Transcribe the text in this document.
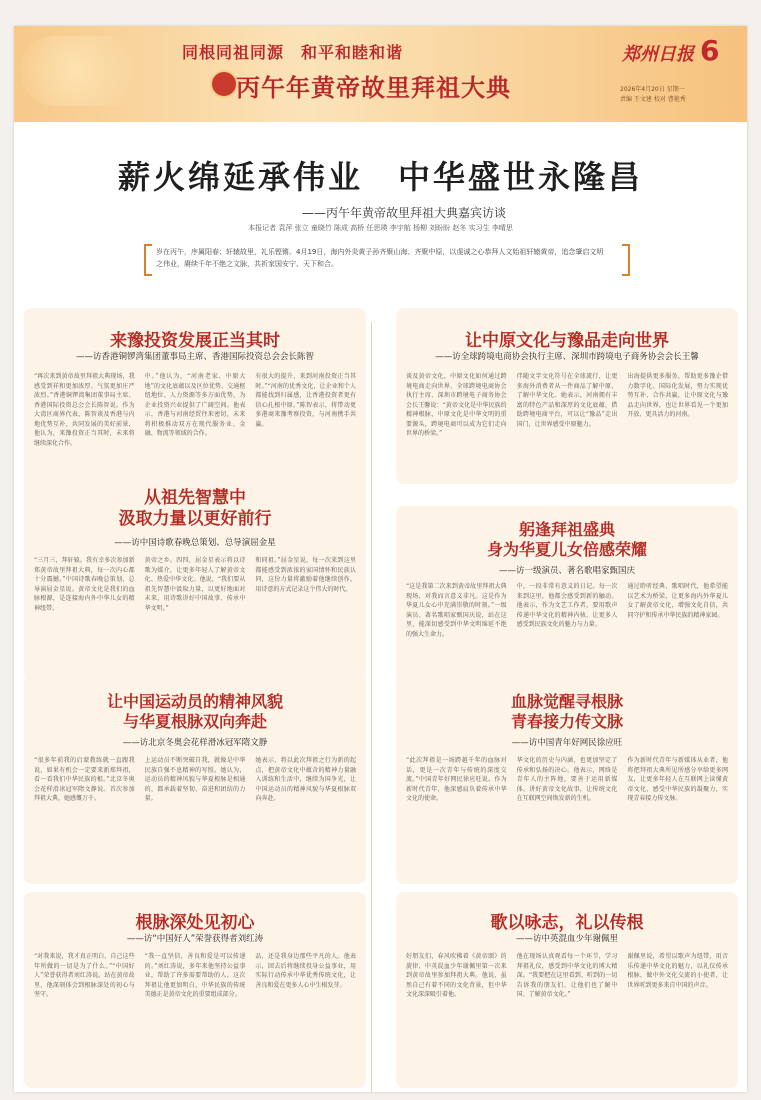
同根同祖同源　和平和睦和谐
丙午年黄帝故里拜祖大典
郑州日报 6
2026年4月20日 星期一
责编 王文建 校对 曹艳秀
薪火绵延承伟业　中华盛世永隆昌
——丙午年黄帝故里拜祖大典嘉宾访谈
本报记者 袁萍 张立 童晓竹 陈成 高桥 任思瑛 李宇航 杨柳 刘盼盼 赵冬 实习生 李晴思
岁在丙午，序属阳春；轩辕故里，礼乐铿锵。4月19日，海内外炎黄子孙齐聚山海、齐聚中原，以虔诚之心恭拜人文始祖轩辕黄帝，追念肇启文明之伟业，赓续千年不绝之文脉，共祈家国安宁、天下和合。
来豫投资发展正当其时
——访香港铜锣湾集团董事局主席、香港国际投资总会会长陈智

“再次来到黄帝故里拜祖大典现场，我感受到祥和更加浓厚、气氛更加庄严浓烈。”香港铜锣湾集团董事局主席、香港国际投资总会会长陈智说。作为大湾区商界代表，陈智谈及香港与内地优势互补、共同发展的美好前景，他认为，来豫投资正当其时，未来将继续深化合作。

中。”他认为，“河南老家、中原大地”的文化底蕴以及区位优势、交通枢纽地位、人力资源等多方面优势，为企业投资兴业提供了广阔空间。他表示，香港与河南经贸往来密切，未来将积极推动双方在现代服务业、金融、物流等领域的合作。

有很大的提升，来到河南投资正当其时。”“河南的优秀文化，让企业和个人都能找到归属感，让香港投资者更有信心扎根中原。”陈智表示，将带动更多港商来豫考察投资，与河南携手共赢。

让中原文化与豫品走向世界
——访全球跨境电商协会执行主席、深圳市跨境电子商务协会会长王馨

谈及黄帝文化，中原文化如何通过跨境电商走向世界，全球跨境电商协会执行主席、深圳市跨境电子商务协会会长王馨说：“黄帝文化是中华民族的精神根脉，中原文化是中华文明的重要源头，跨境电商可以成为它们走向世界的桥梁。”

伴随文字文化符号在全球流行，让更多海外消费者从一件商品了解中原、了解中华文化。她表示，河南拥有丰富的特色产品和深厚的文化底蕴，借助跨境电商平台，可以让“豫品”走出国门，让世界感受中原魅力。

出海提供更多服务，帮助更多豫企借力数字化、国际化发展，努力实现优势互补、合作共赢，让中原文化与豫品走向世界，也让世界看见一个更加开放、更具活力的河南。

从祖先智慧中
汲取力量以更好前行
——访中国诗歌春晚总策划、总导演屈金星

“三月三，拜轩辕。我有幸多次参加新郑黄帝故里拜祖大典，每一次内心都十分震撼。”中国诗歌春晚总策划、总导演屈金星说。黄帝文化是我们的血脉根源，是连接海内外中华儿女的精神纽带。

黄帝之乡。四四，屈金星表示将以诗歌为媒介，让更多年轻人了解黄帝文化、热爱中华文化。他说，“我们要从祖先智慧中汲取力量，以更好地面对未来，用诗歌讲好中国故事、传承中华文明。”

和同祖。”屈金星说，每一次来到这里都能感受到浓浓的家国情怀和民族认同，这份力量将激励着他继续创作，用诗意的方式记录这个伟大的时代。

躬逢拜祖盛典
身为华夏儿女倍感荣耀
——访一级演员、著名歌唱家甄国庆

“这是我第二次来到黄帝故里拜祖大典现场，对我而言意义非凡。这是作为华夏儿女心中充满崇敬的时刻。”一级演员、著名歌唱家甄国庆说，站在这里，能深切感受到中华文明绵延不绝的强大生命力。

中，一段非常有意义的日记。每一次来到这里，他都会感受到新的触动。他表示，作为文艺工作者，要用歌声传递中华文化的精神内核，让更多人感受到民族文化的魅力与力量。

通过聆听经典、歌唱时代，他希望能以艺术为桥梁，让更多海内外华夏儿女了解黄帝文化，增强文化自信，共同守护和传承中华民族的精神家园。

让中国运动员的精神风貌
与华夏根脉双向奔赴
——访北京冬奥会花样滑冰冠军隋文静

“很多年前我的启蒙教练就一直跟我说，如果有机会一定要来新郑拜祖，看一看我们中华民族的根。”北京冬奥会花样滑冰冠军隋文静说。首次参加拜祖大典，她感慨万千。

上运动员不断突破自我，就像是中华民族自强不息精神的写照。她认为，运动员的精神风貌与华夏根脉是相通的，都承载着坚韧、奋进和团结的力量。

她表示，将以此次拜祖之行为新的起点，把黄帝文化中蕴含的精神力量融入训练和生活中，继续为国争光，让中国运动员的精神风貌与华夏根脉双向奔赴。

血脉觉醒寻根脉
青春接力传文脉
——访中国青年好网民徐应旺

“此次拜祖是一场跨越千年的血脉对话，更是一次青年与传统的深度交流。”中国青年好网民徐应旺说。作为新时代青年，他深感肩负着传承中华文化的使命。

华文化的历史与内涵，也更加坚定了传承和弘扬的决心。他表示，网络是青年人的主阵地，要善于运用新媒体，讲好黄帝文化故事，让传统文化在互联网空间焕发新的生机。

作为新时代青年与新媒体从业者，他将把拜祖大典所见所感分享给更多网友，让更多年轻人在互联网上读懂黄帝文化，感受中华民族的凝聚力，实现青春接力传文脉。

根脉深处见初心
——访“中国好人”荣誉获得者刘红涛

“对我来说，我才真正明白，自己这些年所做的一切是为了什么。”“中国好人”荣誉获得者刘红涛说。站在黄帝故里，他深刻体会到根脉深处的初心与坚守。

“我一直坚信，善良和爱是可以传递的。”刘红涛说，多年来他坚持公益事业，帮助了许多需要帮助的人。这次拜祖让他更加明白，中华民族的传统美德正是黄帝文化的重要组成部分。

品，还是我身边那些平凡的人。他表示，回去后将继续投身公益事业，用实际行动传承中华优秀传统文化，让善良和爱在更多人心中生根发芽。

歌以咏志，礼以传根
——访中英混血少年谢佩里

好朋友们，春风吹拂着《黄帝颂》的旋律，中英混血少年谢佩里第一次来到黄帝故里参加拜祖大典。他说，虽然自己有着不同的文化背景，但中华文化深深吸引着他。

他在现场认真观看每一个环节，学习拜祖礼仪，感受到中华文化的博大精深。“我要把在这里看到、听到的一切告诉我的朋友们，让他们也了解中国、了解黄帝文化。”

谢佩里说，希望以歌声为纽带，用音乐传递中华文化的魅力，以礼仪传承根脉，做中外文化交流的小使者，让世界听到更多来自中国的声音。
